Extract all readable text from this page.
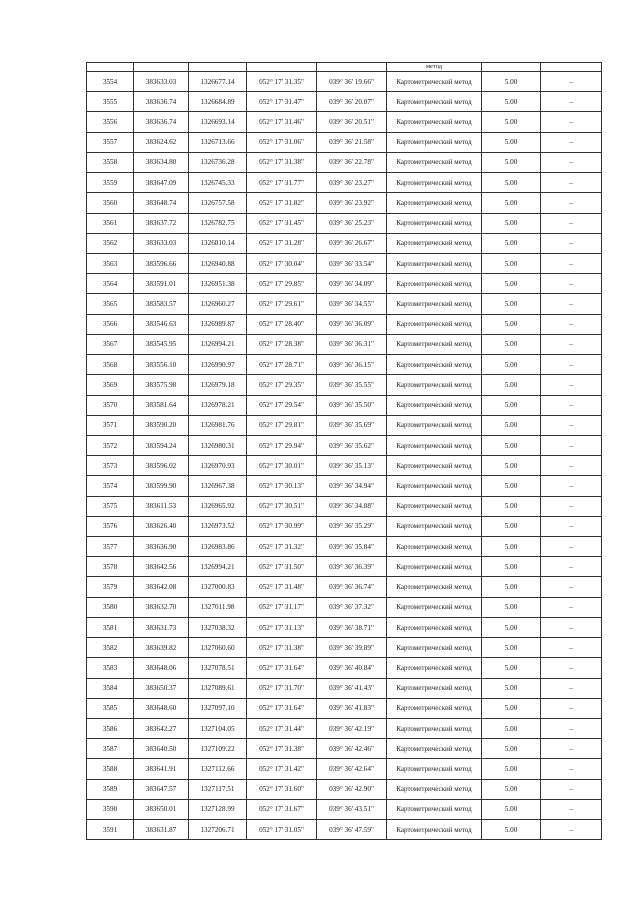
					метод		
3554	383633.03	1326677.14	052° 17' 31.35"	039° 36' 19.66"	Картометрический метод	5.00	–
3555	383636.74	1326684.89	052° 17' 31.47"	039° 36' 20.07"	Картометрический метод	5.00	–
3556	383636.74	1326693.14	052° 17' 31.46"	039° 36' 20.51"	Картометрический метод	5.00	–
3557	383624.62	1326713.66	052° 17' 31.06"	039° 36' 21.58"	Картометрический метод	5.00	–
3558	383634.80	1326736.28	052° 17' 31.38"	039° 36' 22.78"	Картометрический метод	5.00	–
3559	383647.09	1326745.33	052° 17' 31.77"	039° 36' 23.27"	Картометрический метод	5.00	–
3560	383648.74	1326757.58	052° 17' 31.82"	039° 36' 23.92"	Картометрический метод	5.00	–
3561	383637.72	1326782.75	052° 17' 31.45"	039° 36' 25.23"	Картометрический метод	5.00	–
3562	383633.03	1326810.14	052° 17' 31.28"	039° 36' 26.67"	Картометрический метод	5.00	–
3563	383596.66	1326940.88	052° 17' 30.04"	039° 36' 33.54"	Картометрический метод	5.00	–
3564	383591.01	1326951.38	052° 17' 29.85"	039° 36' 34.09"	Картометрический метод	5.00	–
3565	383583.57	1326960.27	052° 17' 29.61"	039° 36' 34.55"	Картометрический метод	5.00	–
3566	383546.63	1326989.87	052° 17' 28.40"	039° 36' 36.09"	Картометрический метод	5.00	–
3567	383545.95	1326994.21	052° 17' 28.38"	039° 36' 36.31"	Картометрический метод	5.00	–
3568	383556.10	1326990.97	052° 17' 28.71"	039° 36' 36.15"	Картометрический метод	5.00	–
3569	383575.98	1326979.18	052° 17' 29.35"	039° 36' 35.55"	Картометрический метод	5.00	–
3570	383581.64	1326978.21	052° 17' 29.54"	039° 36' 35.50"	Картометрический метод	5.00	–
3571	383590.20	1326981.76	052° 17' 29.81"	039° 36' 35.69"	Картометрический метод	5.00	–
3572	383594.24	1326980.31	052° 17' 29.94"	039° 36' 35.62"	Картометрический метод	5.00	–
3573	383596.02	1326970.93	052° 17' 30.01"	039° 36' 35.13"	Картометрический метод	5.00	–
3574	383599.90	1326967.38	052° 17' 30.13"	039° 36' 34.94"	Картометрический метод	5.00	–
3575	383611.53	1326965.92	052° 17' 30.51"	039° 36' 34.88"	Картометрический метод	5.00	–
3576	383626.40	1326973.52	052° 17' 30.99"	039° 36' 35.29"	Картометрический метод	5.00	–
3577	383636.90	1326983.86	052° 17' 31.32"	039° 36' 35.84"	Картометрический метод	5.00	–
3578	383642.56	1326994.21	052° 17' 31.50"	039° 36' 36.39"	Картометрический метод	5.00	–
3579	383642.08	1327000.83	052° 17' 31.48"	039° 36' 36.74"	Картометрический метод	5.00	–
3580	383632.70	1327011.98	052° 17' 31.17"	039° 36' 37.32"	Картометрический метод	5.00	–
3581	383631.73	1327038.32	052° 17' 31.13"	039° 36' 38.71"	Картометрический метод	5.00	–
3582	383639.82	1327060.60	052° 17' 31.38"	039° 36' 39.89"	Картометрический метод	5.00	–
3583	383648.06	1327078.51	052° 17' 31.64"	039° 36' 40.84"	Картометрический метод	5.00	–
3584	383650.37	1327089.61	052° 17' 31.70"	039° 36' 41.43"	Картометрический метод	5.00	–
3585	383648.60	1327097.10	052° 17' 31.64"	039° 36' 41.83"	Картометрический метод	5.00	–
3586	383642.27	1327104.05	052° 17' 31.44"	039° 36' 42.19"	Картометрический метод	5.00	–
3587	383640.50	1327109.22	052° 17' 31.38"	039° 36' 42.46"	Картометрический метод	5.00	–
3588	383641.91	1327112.66	052° 17' 31.42"	039° 36' 42.64"	Картометрический метод	5.00	–
3589	383647.57	1327117.51	052° 17' 31.60"	039° 36' 42.90"	Картометрический метод	5.00	–
3590	383650.01	1327128.99	052° 17' 31.67"	039° 36' 43.51"	Картометрический метод	5.00	–
3591	383631.87	1327206.71	052° 17' 31.05"	039° 36' 47.59"	Картометрический метод	5.00	–
